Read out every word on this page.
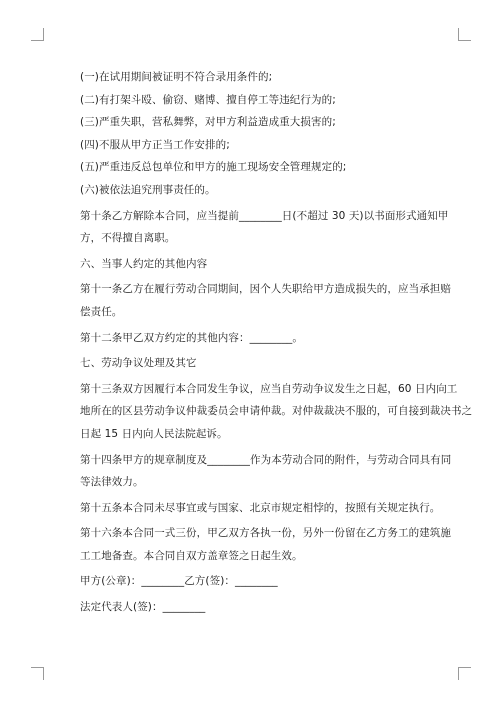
(一)在试用期间被证明不符合录用条件的;
(二)有打架斗殴、偷窃、赌博、擅自停工等违纪行为的;
(三)严重失职，营私舞弊，对甲方利益造成重大损害的;
(四)不服从甲方正当工作安排的;
(五)严重违反总包单位和甲方的施工现场安全管理规定的;
(六)被依法追究刑事责任的。
第十条乙方解除本合同，应当提前________日(不超过 30 天)以书面形式通知甲
方，不得擅自离职。
六、当事人约定的其他内容
第十一条乙方在履行劳动合同期间，因个人失职给甲方造成损失的，应当承担赔
偿责任。
第十二条甲乙双方约定的其他内容：________。
七、劳动争议处理及其它
第十三条双方因履行本合同发生争议，应当自劳动争议发生之日起，60 日内向工
地所在的区县劳动争议仲裁委员会申请仲裁。对仲裁裁决不服的，可自接到裁决书之
日起 15 日内向人民法院起诉。
第十四条甲方的规章制度及________作为本劳动合同的附件，与劳动合同具有同
等法律效力。
第十五条本合同未尽事宜或与国家、北京市规定相悖的，按照有关规定执行。
第十六条本合同一式三份，甲乙双方各执一份，另外一份留在乙方务工的建筑施
工工地备查。本合同自双方盖章签之日起生效。
甲方(公章)：________乙方(签)：________
法定代表人(签)：________
